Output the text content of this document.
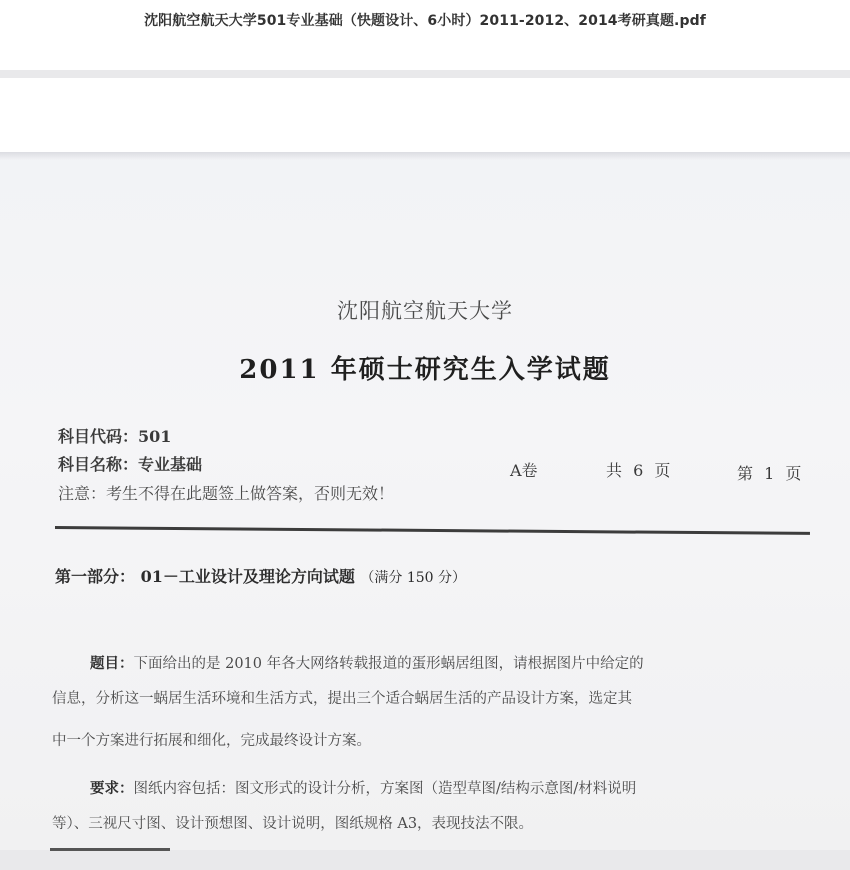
沈阳航空航天大学501专业基础（快题设计、6小时）2011-2012、2014考研真题.pdf
沈阳航空航天大学
2011 年硕士研究生入学试题
科目代码：501
科目名称：专业基础
注意：考生不得在此题签上做答案，否则无效！
A卷	共 6 页	第 1 页
第一部分： 01－工业设计及理论方向试题 （满分 150 分）
题目：下面给出的是 2010 年各大网络转载报道的蛋形蜗居组图，请根据图片中给定的
信息，分析这一蜗居生活环境和生活方式，提出三个适合蜗居生活的产品设计方案，选定其
中一个方案进行拓展和细化，完成最终设计方案。
要求：图纸内容包括：图文形式的设计分析，方案图（造型草图/结构示意图/材料说明
等）、三视尺寸图、设计预想图、设计说明，图纸规格 A3，表现技法不限。
